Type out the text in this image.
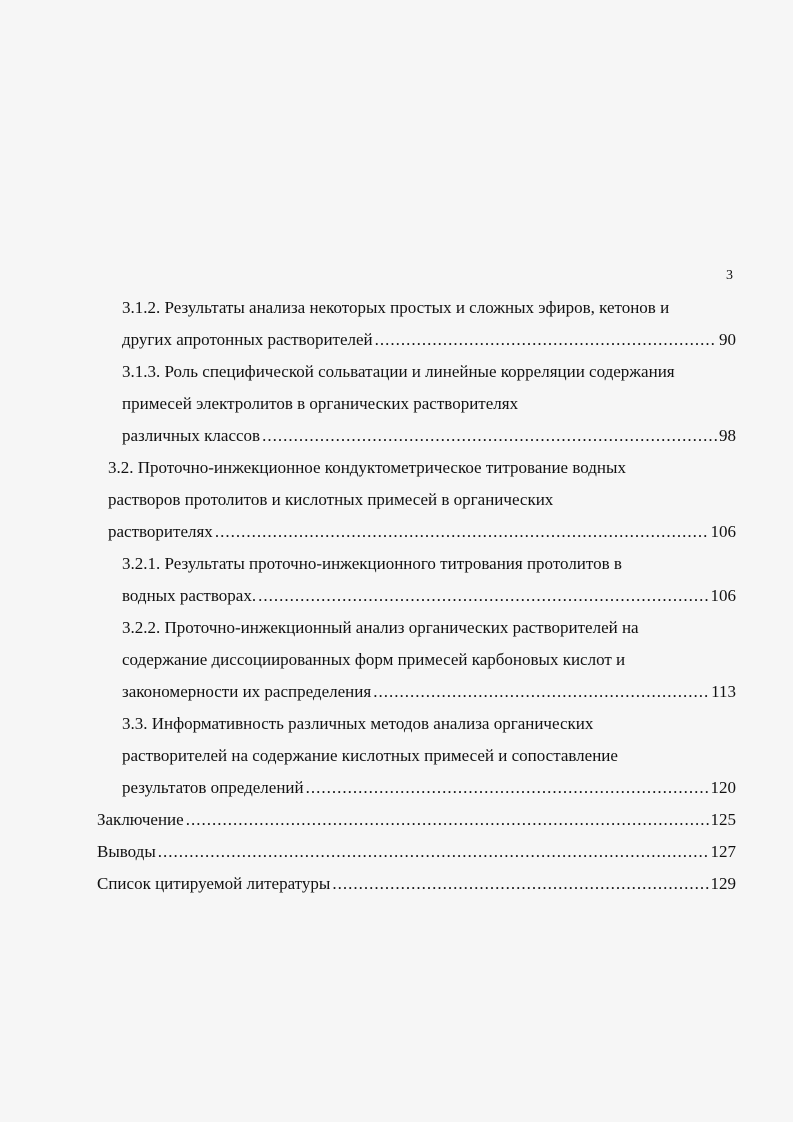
3
3.1.2. Результаты анализа некоторых простых и сложных эфиров, кетонов и
других апротонных растворителей .....	90
3.1.3. Роль специфической сольватации и линейные корреляции содержания
примесей электролитов в органических растворителях
различных классов .....	98
3.2. Проточно-инжекционное кондуктометрическое титрование водных
растворов протолитов и кислотных примесей в органических
растворителях .....	106
3.2.1. Результаты проточно-инжекционного титрования протолитов в
водных растворах. .....	106
3.2.2. Проточно-инжекционный анализ органических растворителей на
содержание диссоциированных форм примесей карбоновых кислот и
закономерности их распределения .....	113
3.3. Информативность различных методов анализа органических
растворителей на содержание кислотных примесей и сопоставление
результатов определений .....	120
Заключение .....	125
Выводы .....	127
Список цитируемой литературы .....	129
